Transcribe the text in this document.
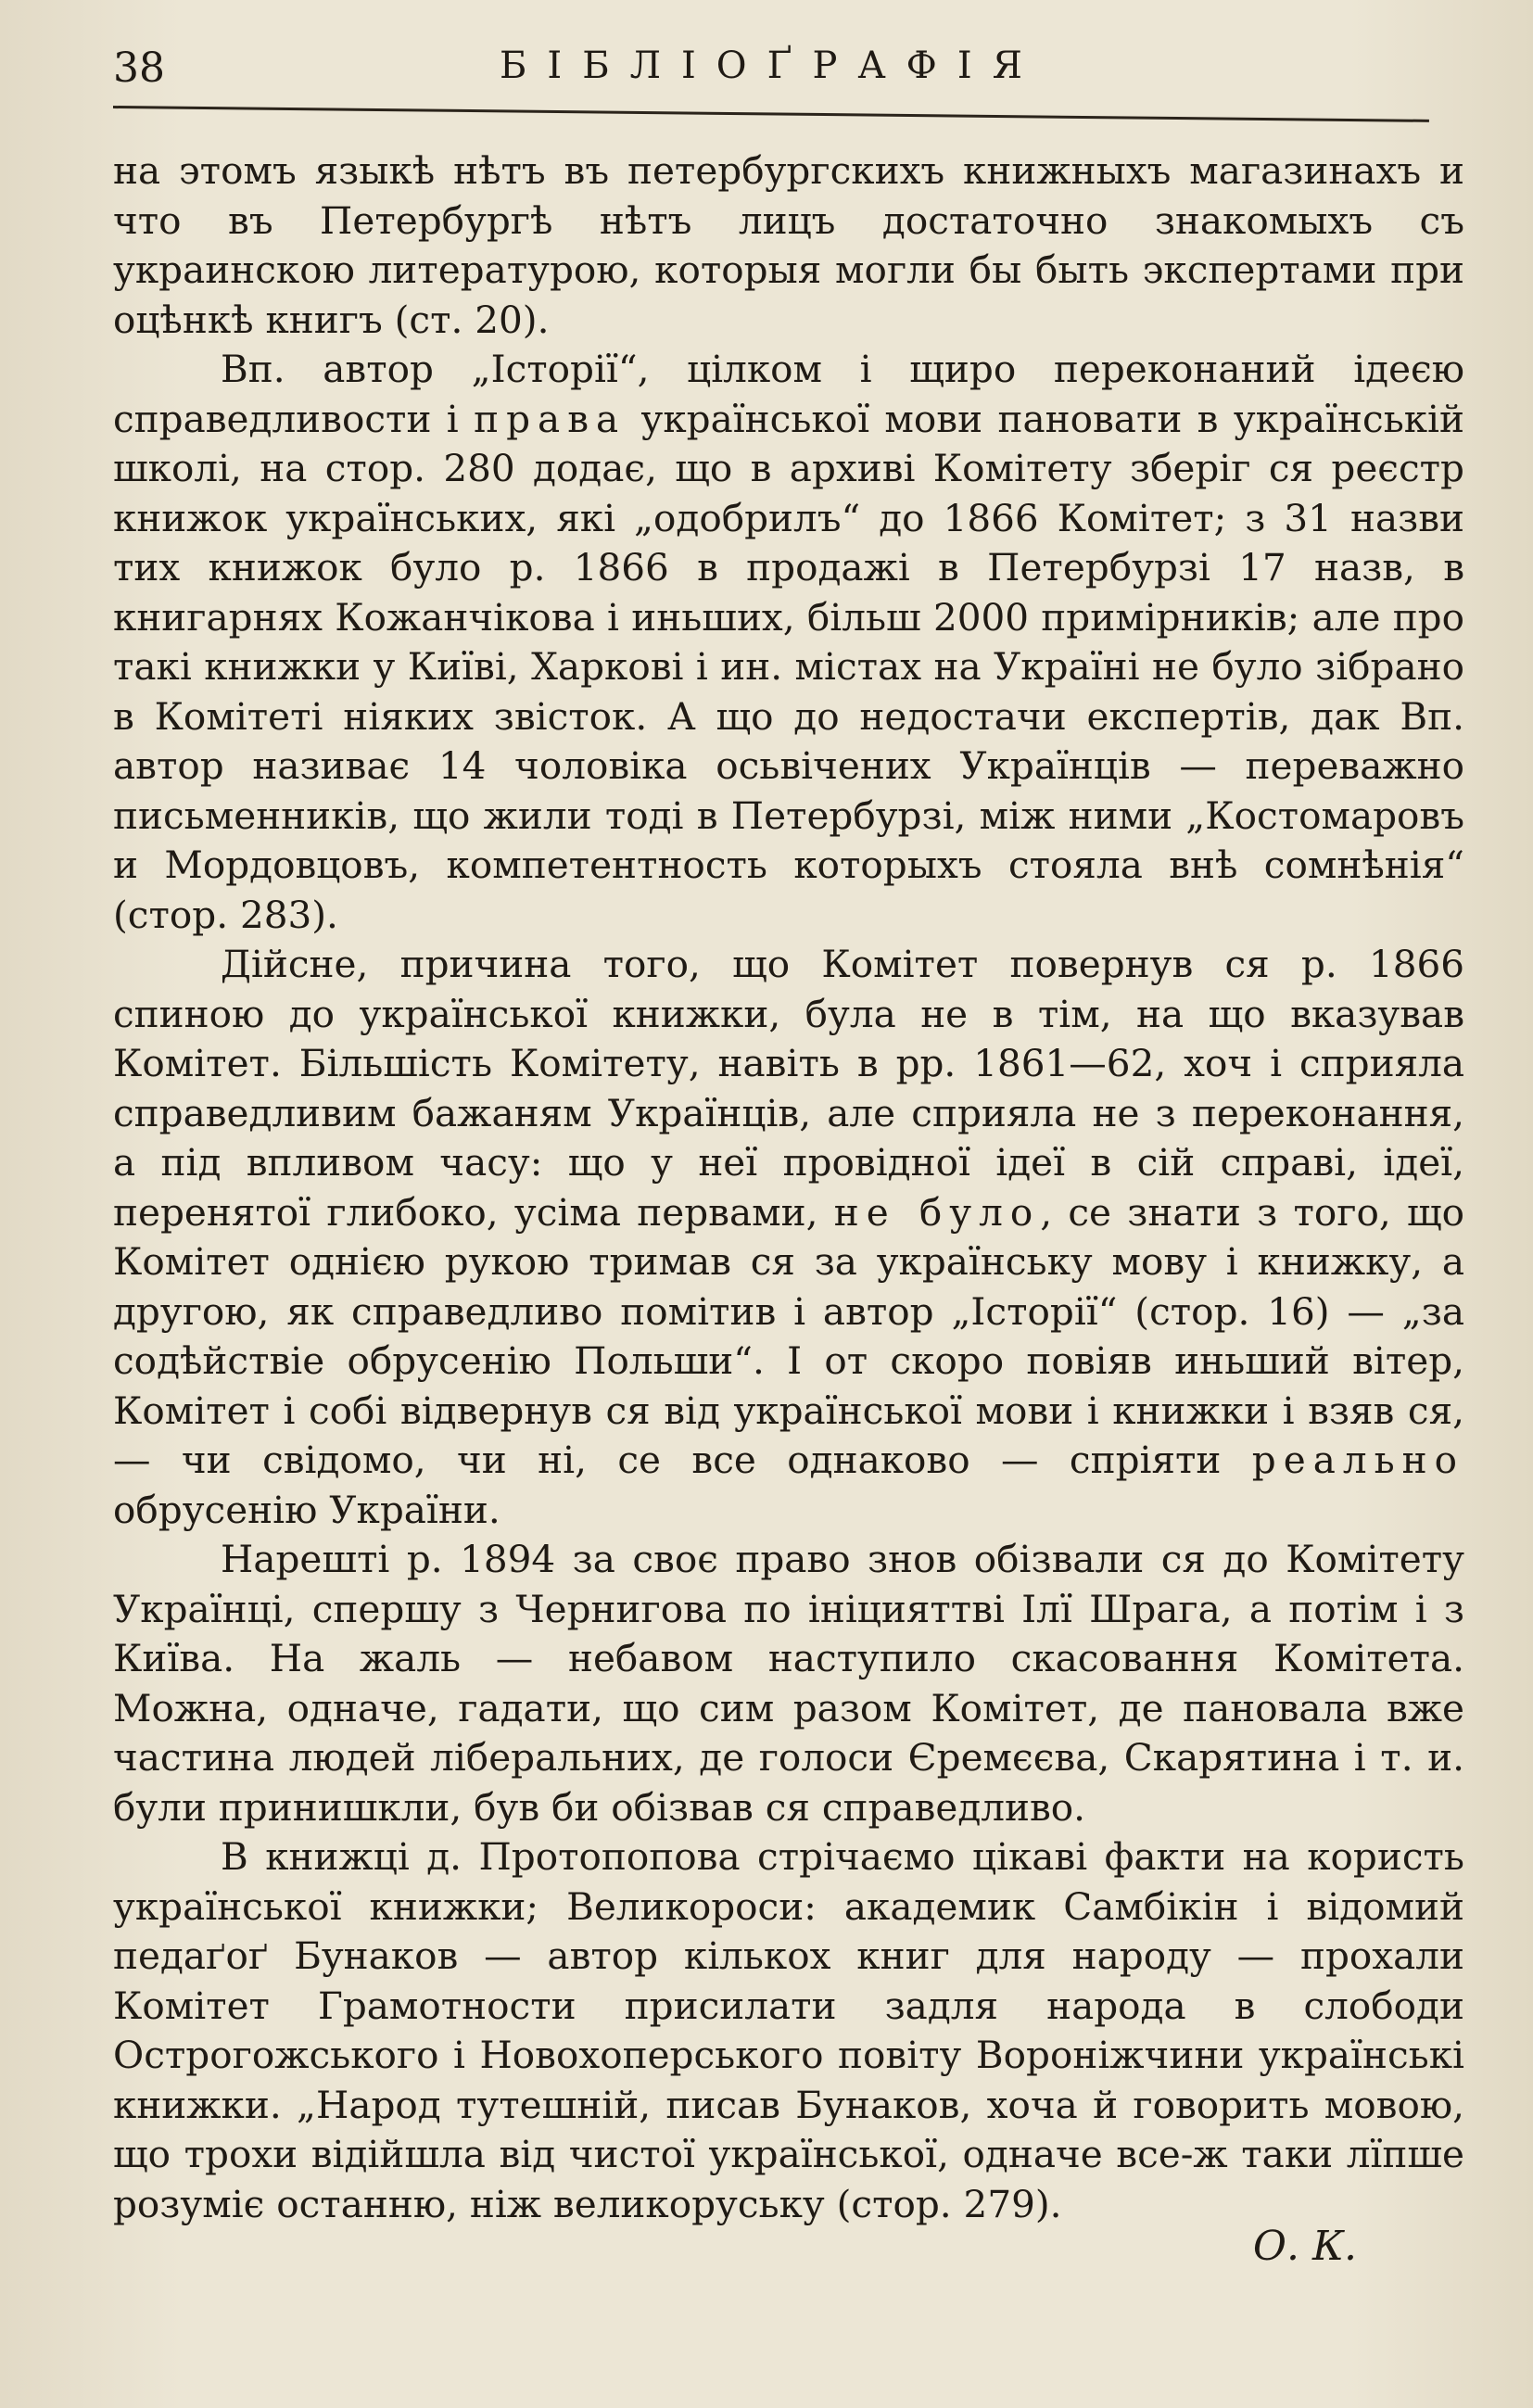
38	БІБЛІОҐРАФІЯ

на этомъ языкѣ нѣтъ въ петербургскихъ книжныхъ магазинахъ и что въ Петербургѣ нѣтъ лицъ достаточно знакомыхъ съ украинскою литературою, которыя могли бы быть экспертами при оцѣнкѣ книгъ (ст. 20).

Вп. автор „Історії“, цілком і щиро переконаний ідеєю справедливости і права української мови пановати в українській школі, на стор. 280 додає, що в архиві Комітету зберіг ся реєстр книжок українських, які „одобрилъ“ до 1866 Комітет; з 31 назви тих книжок було р. 1866 в продажі в Петербурзі 17 назв, в книгарнях Кожанчікова і иньших, більш 2000 примірників; але про такі книжки у Київі, Харкові і ин. містах на Україні не було зібрано в Комітеті ніяких звісток. А що до недостачи експертів, дак Вп. автор називає 14 чоловіка осьвічених Українців — переважно письменників, що жили тоді в Петербурзі, між ними „Костомаровъ и Мордовцовъ, компетентность которыхъ стояла внѣ сомнѣнія“ (стор. 283).

Дійсне, причина того, що Комітет повернув ся р. 1866 спиною до української книжки, була не в тім, на що вказував Комітет. Більшість Комітету, навіть в рр. 1861—62, хоч і сприяла справедливим бажаням Українців, але сприяла не з переконання, а під впливом часу: що у неї провідної ідеї в сій справі, ідеї, перенятої глибоко, усіма первами, не було, се знати з того, що Комітет однією рукою тримав ся за українську мову і книжку, а другою, як справедливо помітив і автор „Історії“ (стор. 16) — „за содѣйствіе обрусенію Польши“. І от скоро повіяв иньший вітер, Комітет і собі відвернув ся від української мови і книжки і взяв ся, — чи свідомо, чи ні, се все однаково — спріяти реально обрусенію України.

Нарешті р. 1894 за своє право знов обізвали ся до Комітету Українці, спершу з Чернигова по ініцияттві Ілї Шрага, а потім і з Київа. На жаль — небавом наступило скасовання Комітета. Можна, одначе, гадати, що сим разом Комітет, де пановала вже частина людей ліберальних, де голоси Єремєєва, Скарятина і т. и. були принишкли, був би обізвав ся справедливо.

В книжці д. Протопопова стрічаємо цікаві факти на користь української книжки; Великороси: академик Самбікін і відомий педаґоґ Бунаков — автор кількох книг для народу — прохали Комітет Грамотности присилати задля народа в слободи Острогожського і Новохоперського повіту Вороніжчини українські книжки. „Народ тутешній, писав Бунаков, хоча й говорить мовою, що трохи відійшла від чистої української, одначе все-ж таки лїпше розуміє останню, ніж великоруську (стор. 279).

О. К.
